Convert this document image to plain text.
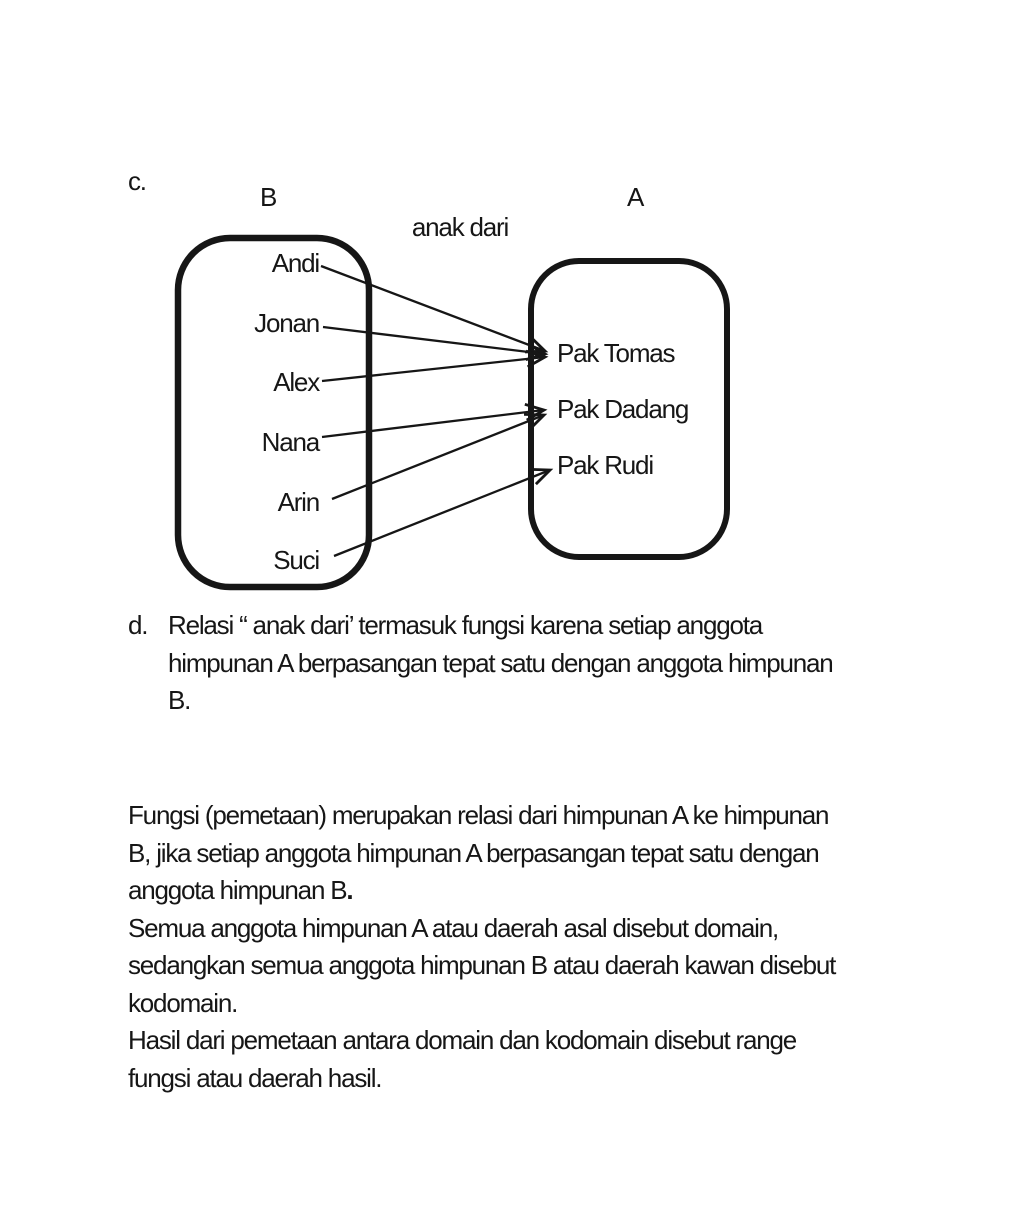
c.
B	A
anak dari
Andi
Jonan
Alex
Nana
Arin
Suci
Pak Tomas
Pak Dadang
Pak Rudi
d. Relasi “ anak dari’ termasuk fungsi karena setiap anggota
himpunan A berpasangan tepat satu dengan anggota himpunan
B.
Fungsi (pemetaan) merupakan relasi dari himpunan A ke himpunan
B, jika setiap anggota himpunan A berpasangan tepat satu dengan
anggota himpunan B.
Semua anggota himpunan A atau daerah asal disebut domain,
sedangkan semua anggota himpunan B atau daerah kawan disebut
kodomain.
Hasil dari pemetaan antara domain dan kodomain disebut range
fungsi atau daerah hasil.
